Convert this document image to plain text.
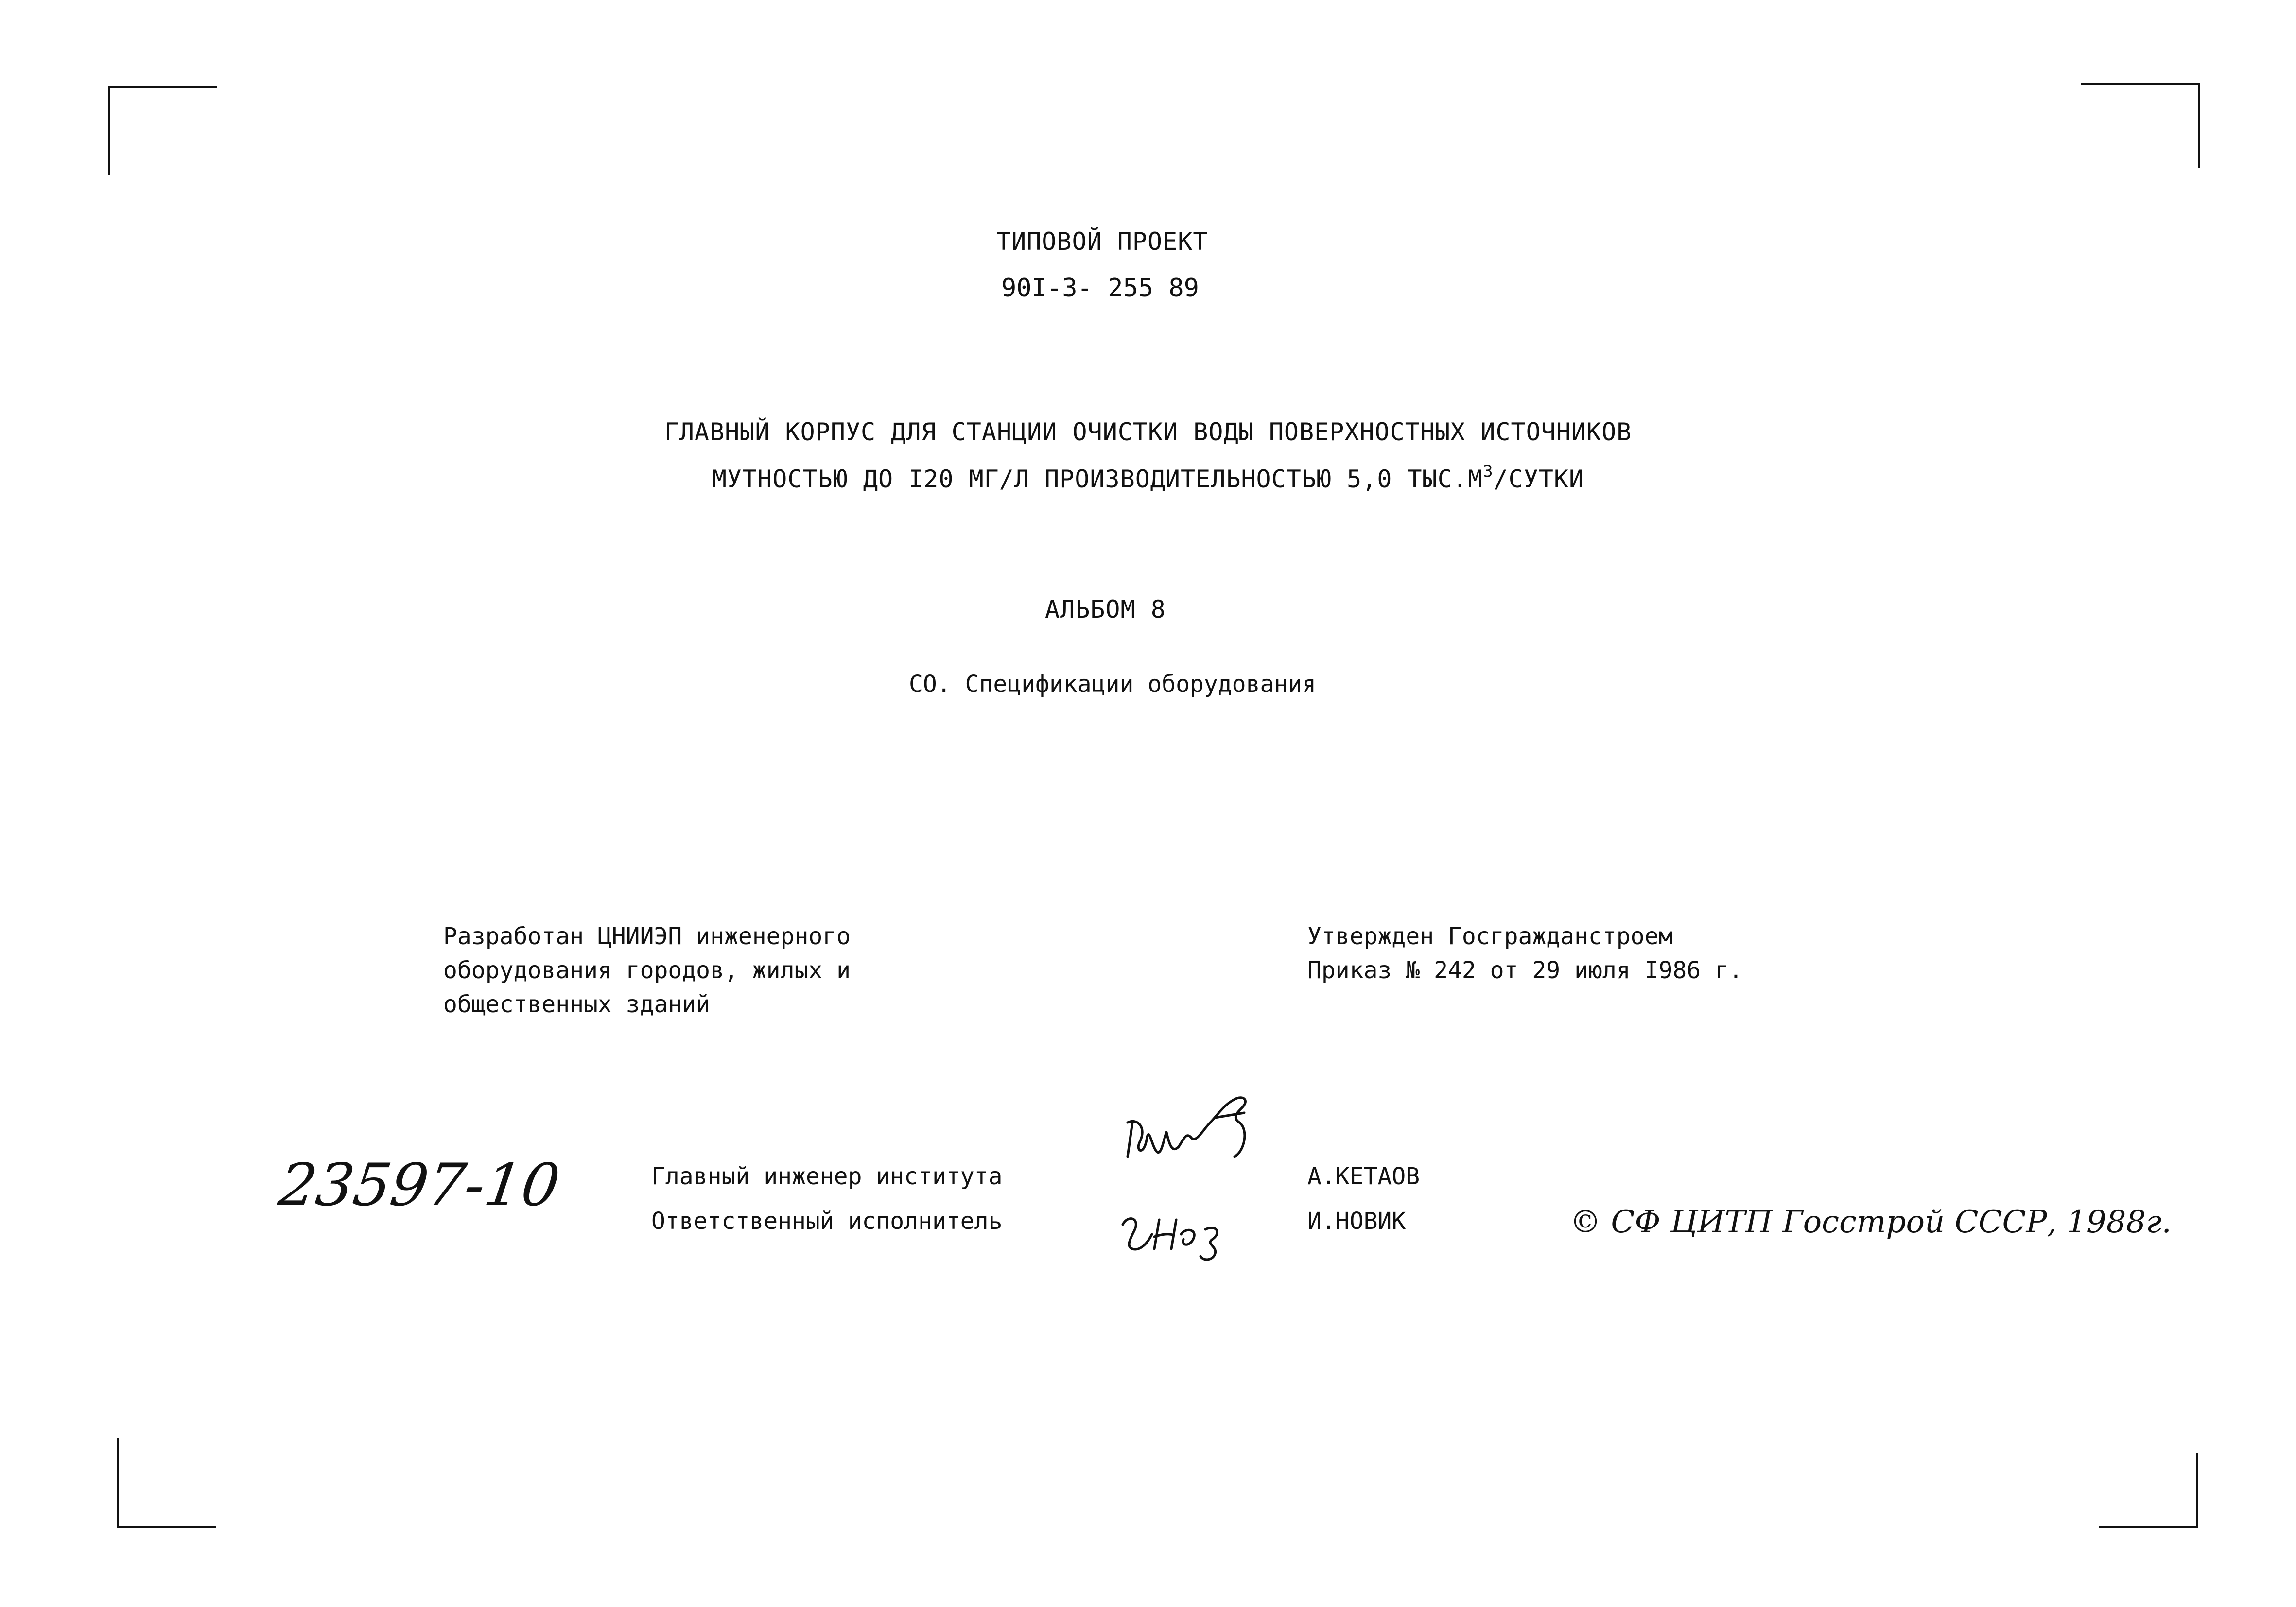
ТИПОВОЙ ПРОЕКТ
90I-3- 255 89
ГЛАВНЫЙ КОРПУС ДЛЯ СТАНЦИИ ОЧИСТКИ ВОДЫ ПОВЕРХНОСТНЫХ ИСТОЧНИКОВ
МУТНОСТЬЮ ДО I20 МГ/Л ПРОИЗВОДИТЕЛЬНОСТЬЮ 5,0 $ТЫС.М^3$/СУТКИ
АЛЬБОМ 8
СО. Спецификации оборудования
Разработан ЦНИИЭП инженерного
оборудования городов, жилых и
общественных зданий
Утвержден Госгражданстроем
Приказ № 242 от 29 июля I986 г.
23597-10	Главный инженер института
Ответственный исполнитель
А.КЕТАОВ
И.НОВИК	© СФ ЦИТП Госстрой СССР, 1988г.
